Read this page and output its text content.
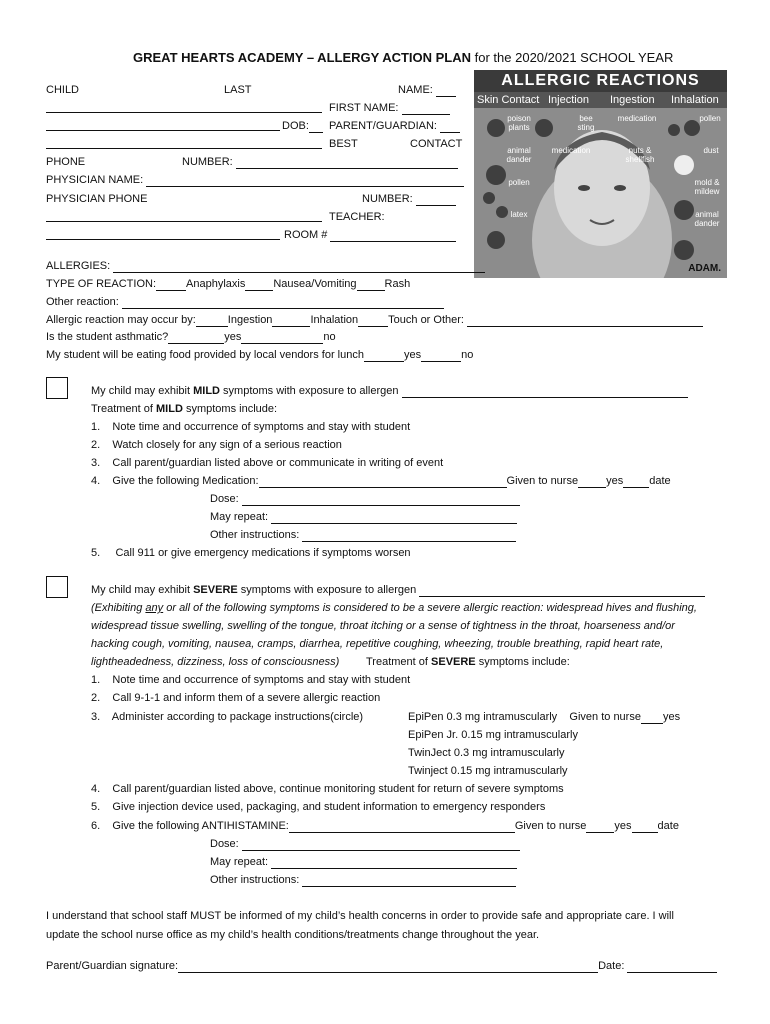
GREAT HEARTS ACADEMY – ALLERGY ACTION PLAN for the 2020/2021 SCHOOL YEAR
ALLERGIC REACTIONS
Skin Contact Injection Ingestion Inhalation
poison plants
bee sting
medication	pollen
animal dander
medication	nuts & shellfish
dust
pollen	mold & mildew
latex	animal dander
ADAM.
CHILD	LAST	NAME:
FIRST NAME:
DOB:	PARENT/GUARDIAN:
BEST	CONTACT
PHONE	NUMBER:
PHYSICIAN NAME:
PHYSICIAN PHONE	NUMBER:
TEACHER:
ROOM #
ALLERGIES:
TYPE OF REACTION:	Anaphylaxis	Nausea/Vomiting	Rash
Other reaction:
Allergic reaction may occur by:	Ingestion	Inhalation	Touch or Other:
Is the student asthmatic?	yes	no
My student will be eating food provided by local vendors for lunch	yes	no
My child may exhibit MILD symptoms with exposure to allergen
Treatment of MILD symptoms include:
1.    Note time and occurrence of symptoms and stay with student
2.    Watch closely for any sign of a serious reaction
3.    Call parent/guardian listed above or communicate in writing of event
4.    Give the following Medication:	Given to nurse	yes date
Dose:
May repeat:
Other instructions:
5.     Call 911 or give emergency medications if symptoms worsen
My child may exhibit SEVERE symptoms with exposure to allergen
(Exhibiting any or all of the following symptoms is considered to be a severe allergic reaction: widespread hives and flushing,
widespread tissue swelling, swelling of the tongue, throat itching or a sense of tightness in the throat, hoarseness and/or
hacking cough, vomiting, nausea, cramps, diarrhea, repetitive coughing, wheezing, trouble breathing, rapid heart rate,
lightheadedness, dizziness, loss of consciousness) Treatment of SEVERE symptoms include:
1.    Note time and occurrence of symptoms and stay with student
2.    Call 9-1-1 and inform them of a severe allergic reaction
3.    Administer according to package instructions(circle)	EpiPen 0.3 mg intramuscularly Given to nurse yes
EpiPen Jr. 0.15 mg intramuscularly
TwinJect 0.3 mg intramuscularly
Twinject 0.15 mg intramuscularly
4.    Call parent/guardian listed above, continue monitoring student for return of severe symptoms
5.    Give injection device used, packaging, and student information to emergency responders
6.    Give the following ANTIHISTAMINE:	Given to nurse	yes date
Dose:
May repeat:
Other instructions:
I understand that school staff MUST be informed of my child’s health concerns in order to provide safe and appropriate care. I will
update the school nurse office as my child’s health conditions/treatments change throughout the year.
Parent/Guardian signature:	Date:
